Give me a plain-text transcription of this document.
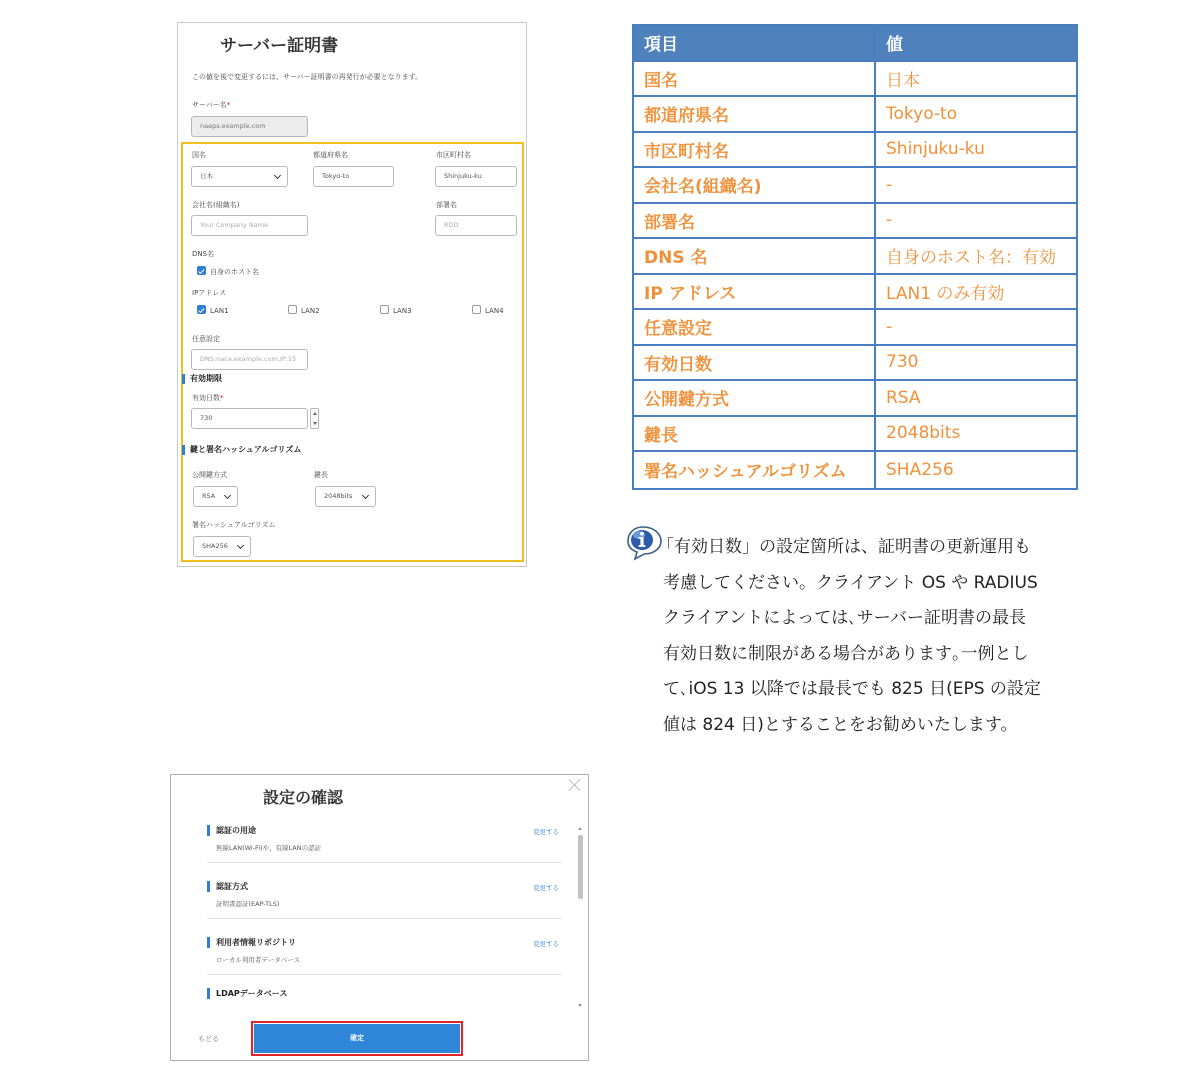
サーバー証明書
この値を後で変更するには、サーバー証明書の再発行が必要となります。
サーバー名*
naeps.example.com
国名
日本
都道府県名
Tokyo-to
市区町村名
Shinjuku-ku
会社名(組織名)
Your Company Name
部署名
RDD
DNS名
自身のホスト名
IPアドレス
LAN1	LAN2	LAN3	LAN4
任意設定
DNS:naca.example.com,IP:15
有効期限
有効日数*
730
鍵と署名ハッシュアルゴリズム
公開鍵方式
RSA
鍵長
2048bits
署名ハッシュアルゴリズム
SHA256
項目	値
国名	日本
都道府県名	Tokyo-to
市区町村名	Shinjuku-ku
会社名(組織名)	-
部署名	-
DNS 名	自身のホスト名：有効
IP アドレス	LAN1 のみ有効
任意設定	-
有効日数	730
公開鍵方式	RSA
鍵長	2048bits
署名ハッシュアルゴリズム	SHA256

「有効日数」の設定箇所は、証明書の更新運用も

考慮してください。クライアント OS や RADIUS

クライアントによっては､サーバー証明書の最長

有効日数に制限がある場合があります｡一例とし

て､iOS 13 以降では最長でも 825 日(EPS の設定

値は 824 日)とすることをお勧めいたします。

設定の確認
認証の用途
無線LAN(Wi-Fi)や、有線LANの認証
変更する
認証方式
証明書認証(EAP-TLS)
変更する
利用者情報リポジトリ
ローカル利用者データベース
変更する
LDAPデータベース
もどる	確定
